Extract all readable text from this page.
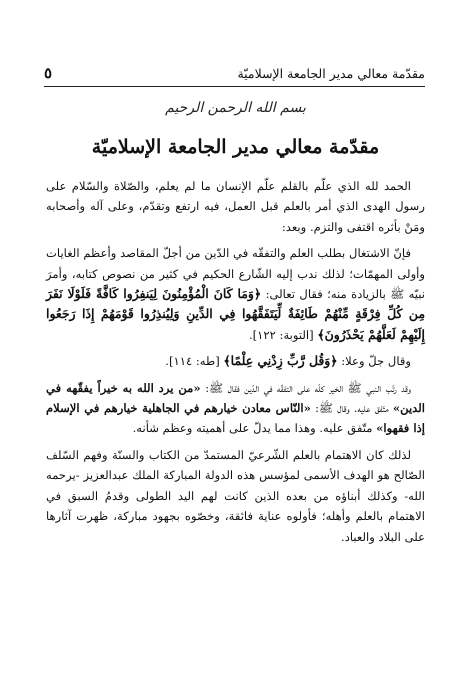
٥	مقدّمة معالي مدير الجامعة الإسلاميّة
بسم الله الرحمن الرحيم
مقدّمة معالي مدير الجامعة الإسلاميّة

الحمد لله الذي علّم بالقلم علّم الإنسان ما لم يعلم، والصّلاة والسّلام على رسول الهدى الذي أمر بالعلم قبل العمل، فيه ارتفع وتقدّم، وعلى آله وأصحابه ومَنْ بأثره اقتفى والتزم. وبعد:

فإنّ الاشتغال بطلب العلم والتفقّه في الدّين من أجلّ المقاصد وأعظم الغايات وأولى المهمّات؛ لذلك ندب إليه الشّارع الحكيم في كثير من نصوص كتابه، وأمرَ نبيّه ﷺ بالزيادة منه؛ فقال تعالى: ﴿وَمَا كَانَ الْمُؤْمِنُونَ لِيَنفِرُوا كَافَّةً فَلَوْلَا نَفَرَ مِن كُلِّ فِرْقَةٍ مِّنْهُمْ طَائِفَةٌ لِّيَتَفَقَّهُوا فِي الدِّينِ وَلِيُنذِرُوا قَوْمَهُمْ إِذَا رَجَعُوا إِلَيْهِمْ لَعَلَّهُمْ يَحْذَرُونَ﴾ [التوبة: ١٢٢].

وقال جلّ وعلا: ﴿وَقُل رَّبِّ زِدْنِي عِلْمًا﴾ [طه: ١١٤].

وقد رتّب النبي ﷺ الخير كلّه على التفقّه في الدّين فقال ﷺ: «من يرد الله به خيراً يفقّهه في الدين» متّفق عليه. وقال ﷺ: «النّاس معادن خيارهم في الجاهلية خيارهم في الإسلام إذا فقهوا» متّفق عليه. وهذا مما يدلّ على أهميته وعظم شأنه.

لذلك كان الاهتمام بالعلم الشّرعيّ المستمدّ من الكتاب والسنّة وفهم السّلف الصّالح هو الهدف الأسمى لمؤسس هذه الدولة المباركة الملك عبدالعزيز -يرحمه الله- وكذلك أبناؤه من بعده الذين كانت لهم اليد الطولى وقدمُ السبق في الاهتمام بالعلم وأهله؛ فأولوه عناية فائقة، وخصّوه بجهود مباركة، ظهرت آثارها على البلاد والعباد.
